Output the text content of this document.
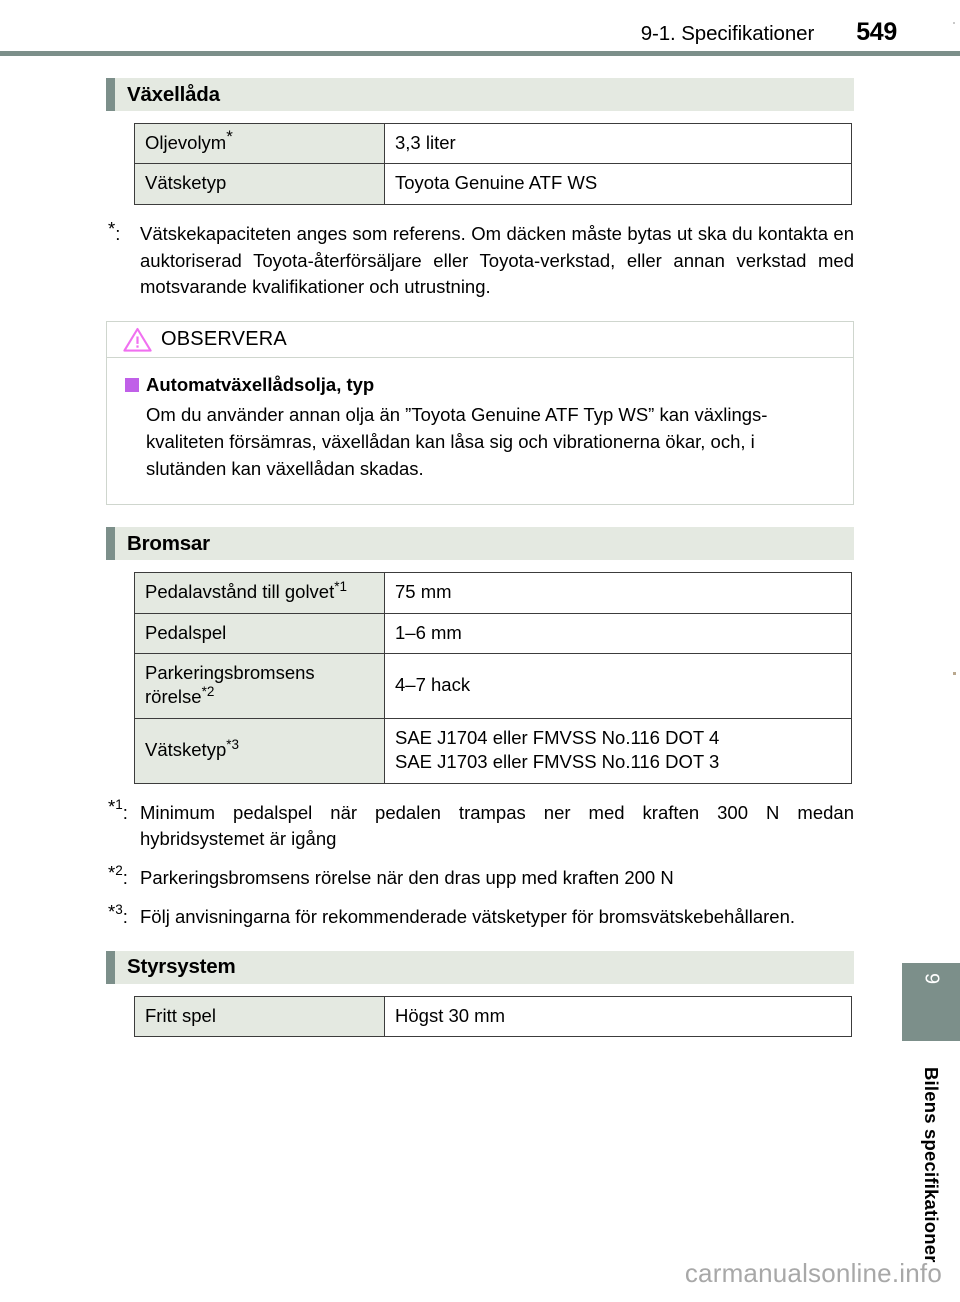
9-1. Specifikationer 549
Växellåda
Oljevolym*	3,3 liter
Vätsketyp	Toyota Genuine ATF WS
*:	Vätskekapaciteten anges som referens. Om däcken måste bytas ut ska du kontakta en auktoriserad Toyota-återförsäljare eller Toyota-verkstad, eller annan verkstad med motsvarande kvalifikationer och utrustning.
OBSERVERA
Automatväxellådsolja, typ
Om du använder annan olja än ”Toyota Genuine ATF Typ WS” kan växlings-kvaliteten försämras, växellådan kan låsa sig och vibrationerna ökar, och, i slutänden kan växellådan skadas.
Bromsar
Pedalavstånd till golvet$^{*1}$	75 mm
Pedalspel	1–6 mm
Parkeringsbromsens rörelse$^{*2}$	4–7 hack
Vätsketyp$^{*3}$	SAE J1704 eller FMVSS No.116 DOT 4
SAE J1703 eller FMVSS No.116 DOT 3
*$^1$: Minimum pedalspel när pedalen trampas ner med kraften 300 N medan hybridsystemet är igång
*$^2$: Parkeringsbromsens rörelse när den dras upp med kraften 200 N
*$^3$: Följ anvisningarna för rekommenderade vätsketyper för bromsvätskebehållaren.
Styrsystem
Fritt spel	Högst 30 mm
9
Bilens specifikationer
carmanualsonline.info
